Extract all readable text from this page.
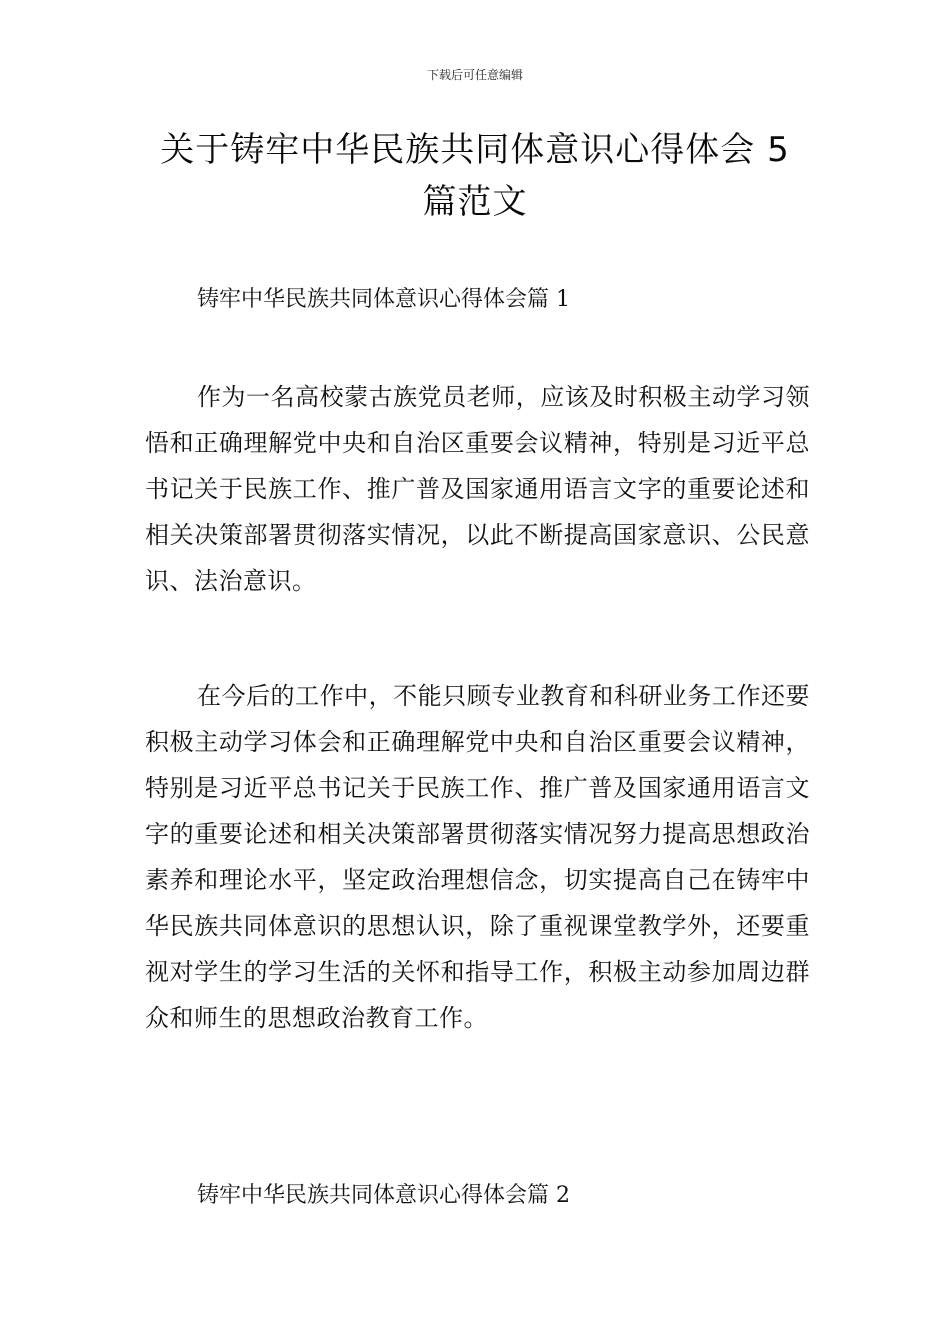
下载后可任意编辑
关于铸牢中华民族共同体意识心得体会 5 篇范文
铸牢中华民族共同体意识心得体会篇 1

作为一名高校蒙古族党员老师，应该及时积极主动学习领悟和正确理解党中央和自治区重要会议精神，特别是习近平总书记关于民族工作、推广普及国家通用语言文字的重要论述和相关决策部署贯彻落实情况，以此不断提高国家意识、公民意识、法治意识。

在今后的工作中，不能只顾专业教育和科研业务工作还要积极主动学习体会和正确理解党中央和自治区重要会议精神，特别是习近平总书记关于民族工作、推广普及国家通用语言文字的重要论述和相关决策部署贯彻落实情况努力提高思想政治素养和理论水平，坚定政治理想信念，切实提高自己在铸牢中华民族共同体意识的思想认识，除了重视课堂教学外，还要重视对学生的学习生活的关怀和指导工作，积极主动参加周边群众和师生的思想政治教育工作。

铸牢中华民族共同体意识心得体会篇 2
